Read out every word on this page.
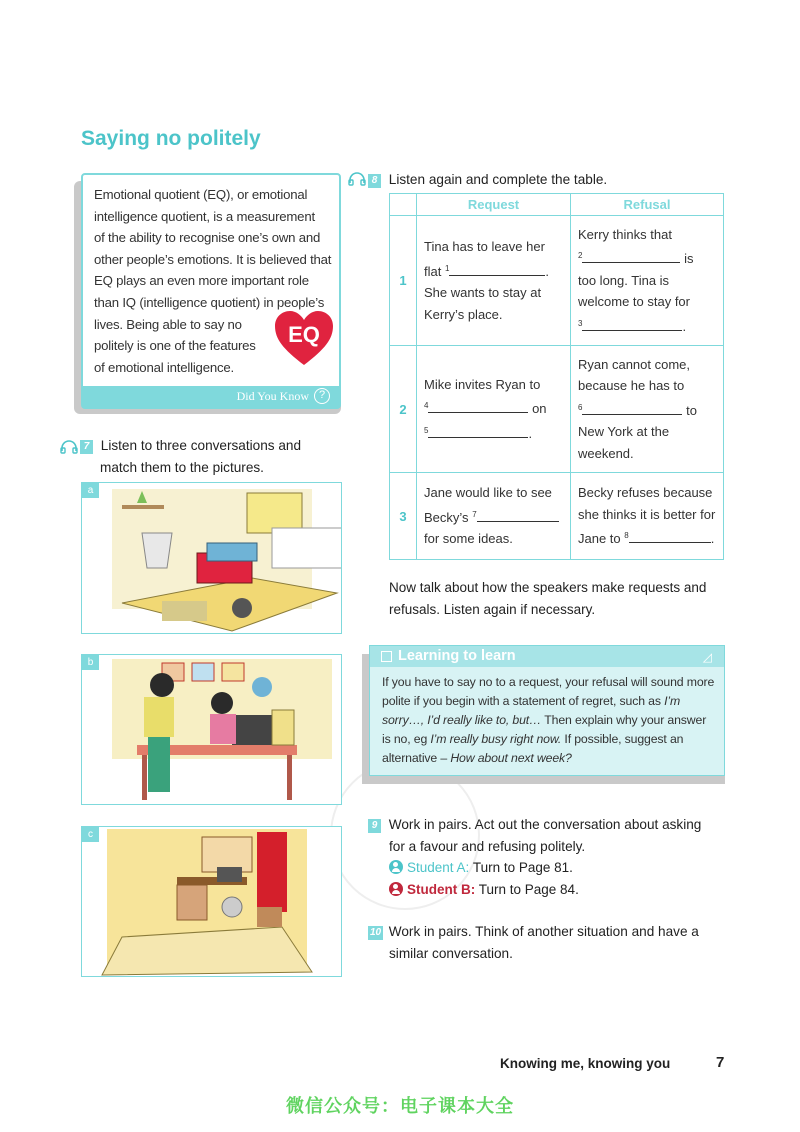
Saying no politely
Emotional quotient (EQ), or emotional
intelligence quotient, is a measurement
of the ability to recognise one’s own and
other people’s emotions. It is believed that
EQ plays an even more important role
than IQ (intelligence quotient) in people’s
lives. Being able to say no
politely is one of the features
of emotional intelligence.
EQ
Did You Know ?
7 Listen to three conversations and
match them to the pictures.
a
b
c
8 Listen again and complete the table.
	Request	Refusal
1	Tina has to leave her
flat $^1$ .
She wants to stay at
Kerry’s place.	Kerry thinks that
$^2$ is
too long. Tina is
welcome to stay for
$^3$ .
2	Mike invites Ryan to
$^4$ on
$^5$ .	Ryan cannot come,
because he has to
$^6$ to
New York at the
weekend.
3	Jane would like to see
Becky’s $^7$
for some ideas.	Becky refuses because
she thinks it is better for
Jane to $^8$ .

Now talk about how the speakers make requests and refusals. Listen again if necessary.

Learning to learn	◿

If you have to say no to a request, your refusal will sound more polite if you begin with a statement of regret, such as I’m sorry…, I’d really like to, but… Then explain why your answer is no, eg I’m really busy right now. If possible, suggest an alternative – How about next week?

9 Work in pairs. Act out the conversation about asking
for a favour and refusing politely.
Student A: Turn to Page 81.
Student B: Turn to Page 84.
10 Work in pairs. Think of another situation and have a
similar conversation.
Knowing me, knowing you	7
微信公众号：电子课本大全
